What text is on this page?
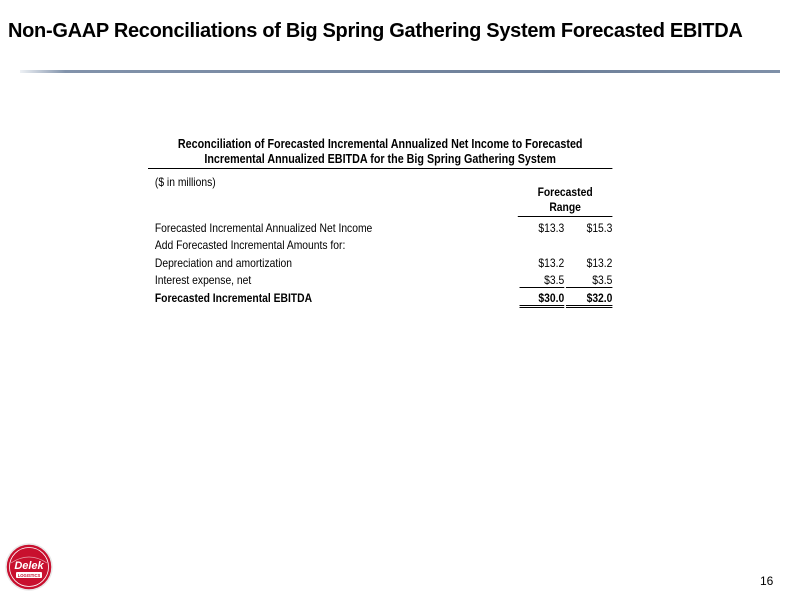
Non-GAAP Reconciliations of Big Spring Gathering System Forecasted EBITDA
Reconciliation of Forecasted Incremental Annualized Net Income to Forecasted
Incremental Annualized EBITDA for the Big Spring Gathering System
($ in millions)
Forecasted
Range
Forecasted Incremental Annualized Net Income	$13.3	$15.3
Add Forecasted Incremental Amounts for:
Depreciation and amortization	$13.2	$13.2
Interest expense, net	$3.5	$3.5
Forecasted Incremental EBITDA	$30.0	$32.0
Delek
LOGISTICS	16
